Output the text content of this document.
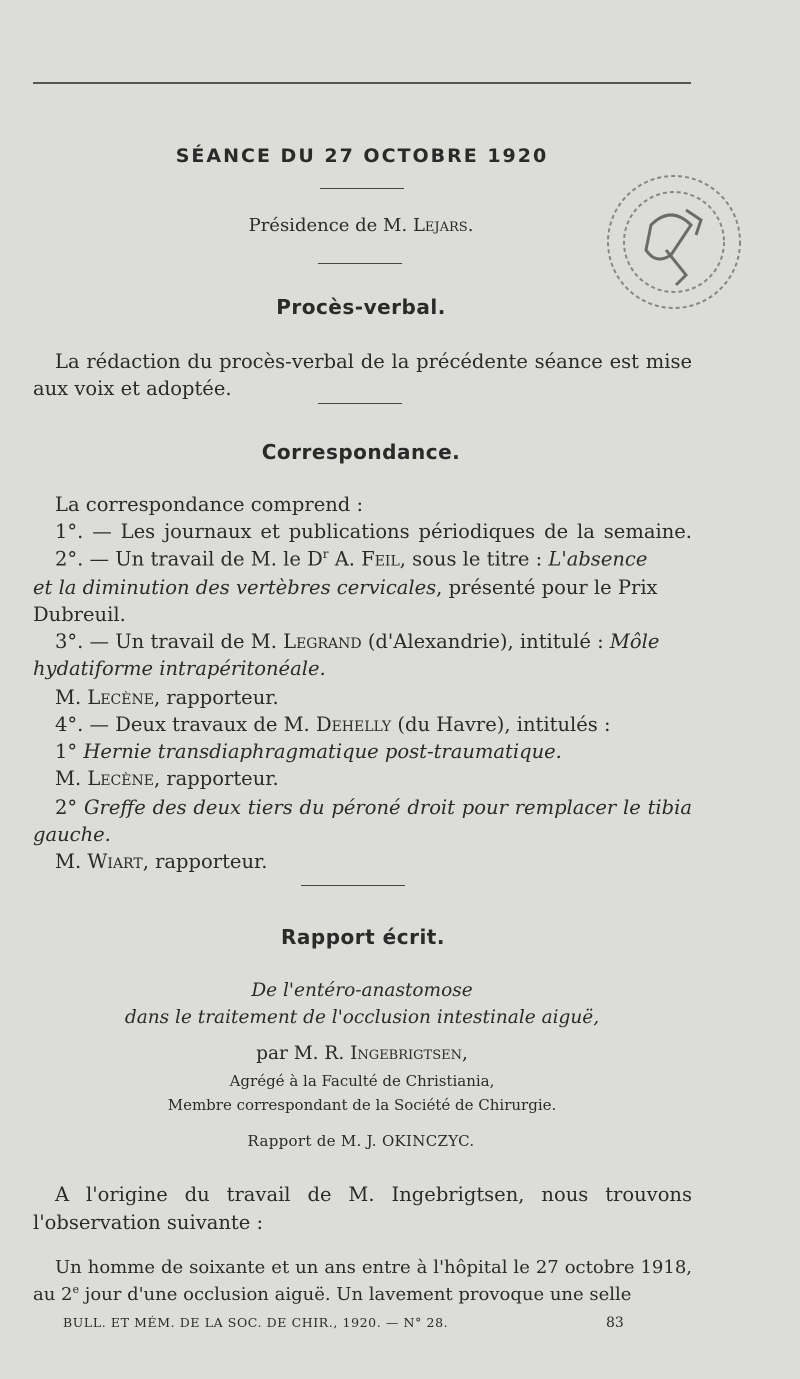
SÉANCE DU 27 OCTOBRE 1920
Présidence de M. Lejars.
Procès-verbal.
La rédaction du procès-verbal de la précédente séance est mise
aux voix et adoptée.
Correspondance.
La correspondance comprend :
1°. — Les journaux et publications périodiques de la semaine.
2°. — Un travail de M. le $D^r$ A. Feil, sous le titre : L'absence
et la diminution des vertèbres cervicales, présenté pour le Prix
Dubreuil.
3°. — Un travail de M. Legrand (d'Alexandrie), intitulé : Môle
hydatiforme intrapéritonéale.
M. Lecène, rapporteur.
4°. — Deux travaux de M. Dehelly (du Havre), intitulés :
1° Hernie transdiaphragmatique post-traumatique.
M. Lecène, rapporteur.
2° Greffe des deux tiers du péroné droit pour remplacer le tibia
gauche.
M. Wiart, rapporteur.
Rapport écrit.
De l'entéro-anastomose
dans le traitement de l'occlusion intestinale aiguë,
par M. R. Ingebrigtsen,
Agrégé à la Faculté de Christiania,
Membre correspondant de la Société de Chirurgie.
Rapport de M. J. OKINCZYC.
A l'origine du travail de M. Ingebrigtsen, nous trouvons
l'observation suivante :
Un homme de soixante et un ans entre à l'hôpital le 27 octobre 1918,
au 2e jour d'une occlusion aiguë. Un lavement provoque une selle
BULL. ET MÉM. DE LA SOC. DE CHIR., 1920. — N° 28.	83
